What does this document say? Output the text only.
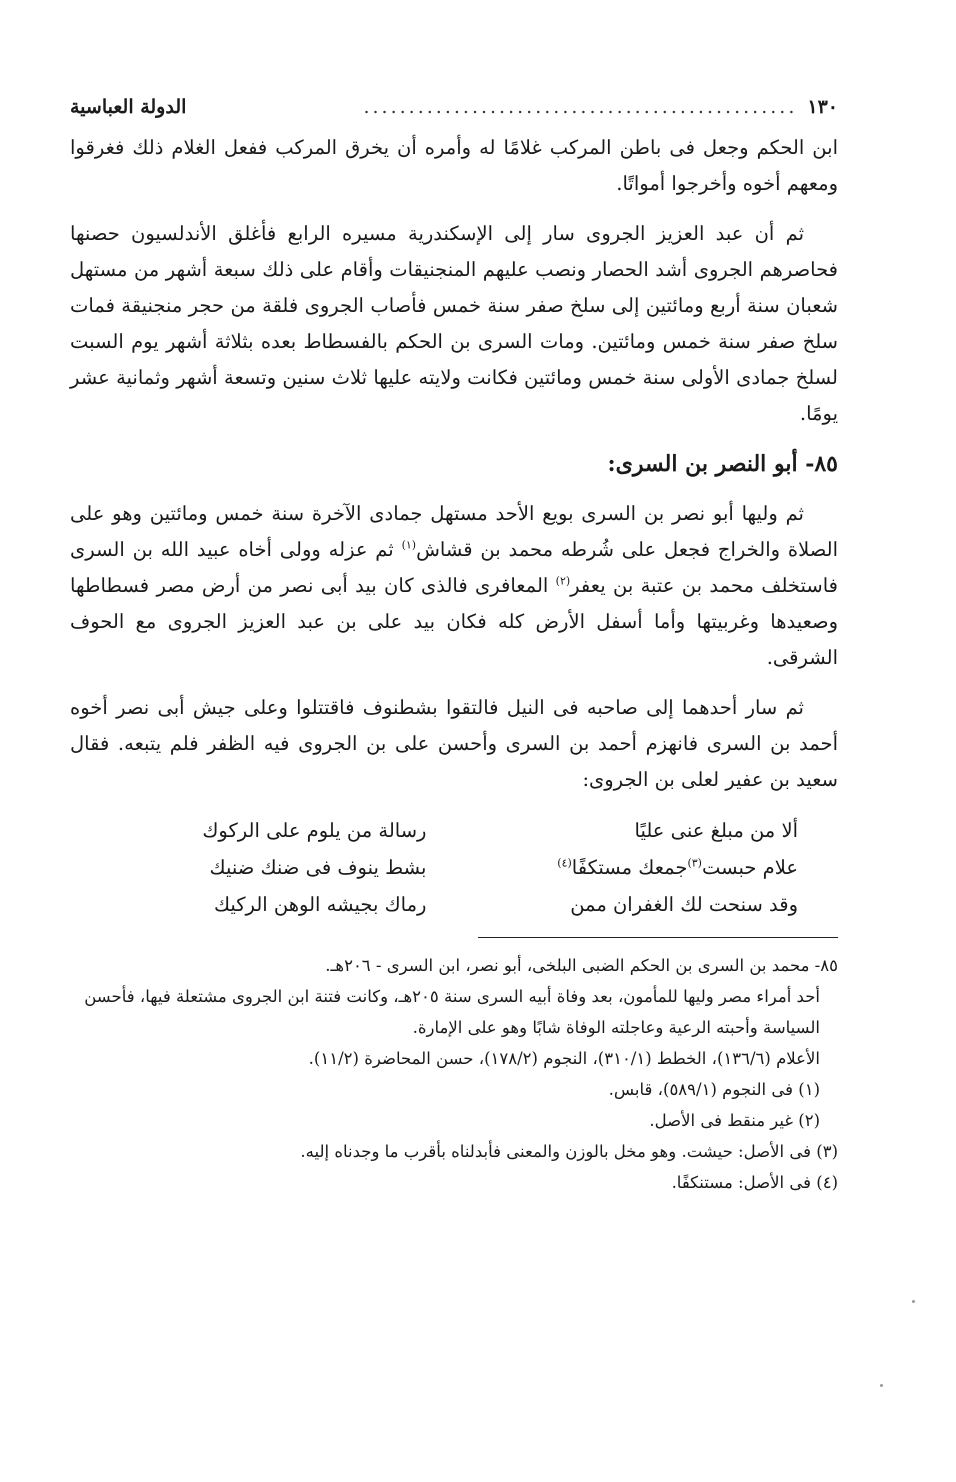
١٣٠
................................................
الدولة العباسية

ابن الحكم وجعل فى باطن المركب غلامًا له وأمره أن يخرق المركب ففعل الغلام ذلك فغرقوا ومعهم أخوه وأخرجوا أمواتًا.

ثم أن عبد العزيز الجروى سار إلى الإسكندرية مسيره الرابع فأغلق الأندلسيون حصنها فحاصرهم الجروى أشد الحصار ونصب عليهم المنجنيقات وأقام على ذلك سبعة أشهر من مستهل شعبان سنة أربع ومائتين إلى سلخ صفر سنة خمس فأصاب الجروى فلقة من حجر منجنيقة فمات سلخ صفر سنة خمس ومائتين. ومات السرى بن الحكم بالفسطاط بعده بثلاثة أشهر يوم السبت لسلخ جمادى الأولى سنة خمس ومائتين فكانت ولايته عليها ثلاث سنين وتسعة أشهر وثمانية عشر يومًا.

٨٥- أبو النصر بن السرى:

ثم وليها أبو نصر بن السرى بويع الأحد مستهل جمادى الآخرة سنة خمس ومائتين وهو على الصلاة والخراج فجعل على شُرطه محمد بن قشاش$^{(١)}$ ثم عزله وولى أخاه عبيد الله بن السرى فاستخلف محمد بن عتبة بن يعفر$^{(٢)}$ المعافرى فالذى كان بيد أبى نصر من أرض مصر فسطاطها وصعيدها وغربيتها وأما أسفل الأرض كله فكان بيد على بن عبد العزيز الجروى مع الحوف الشرقى.

ثم سار أحدهما إلى صاحبه فى النيل فالتقوا بشطنوف فاقتتلوا وعلى جيش أبى نصر أخوه أحمد بن السرى فانهزم أحمد بن السرى وأحسن على بن الجروى فيه الظفر فلم يتبعه. فقال سعيد بن عفير لعلى بن الجروى:

ألا من مبلغ عنى عليًا
رسالة من يلوم على الركوك
علام حبست$^{(٣)}$جمعك مستكفًا$^{(٤)}$
بشط ينوف فى ضنك ضنيك
وقد سنحت لك الغفران ممن
رماك بجيشه الوهن الركيك

٨٥- محمد بن السرى بن الحكم الضبى البلخى، أبو نصر، ابن السرى - ٢٠٦هـ.

أحد أمراء مصر وليها للمأمون، بعد وفاة أبيه السرى سنة ٢٠٥هـ، وكانت فتنة ابن الجروى مشتعلة فيها، فأحسن السياسة وأحبته الرعية وعاجلته الوفاة شابًا وهو على الإمارة.

الأعلام (١٣٦/٦)، الخطط (٣١٠/١)، النجوم (١٧٨/٢)، حسن المحاضرة (١١/٢).

(١) فى النجوم (٥٨٩/١)، قابس.

(٢) غير منقط فى الأصل.

(٣) فى الأصل: حيشت. وهو مخل بالوزن والمعنى فأبدلناه بأقرب ما وجدناه إليه.

(٤) فى الأصل: مستنكفًا.
